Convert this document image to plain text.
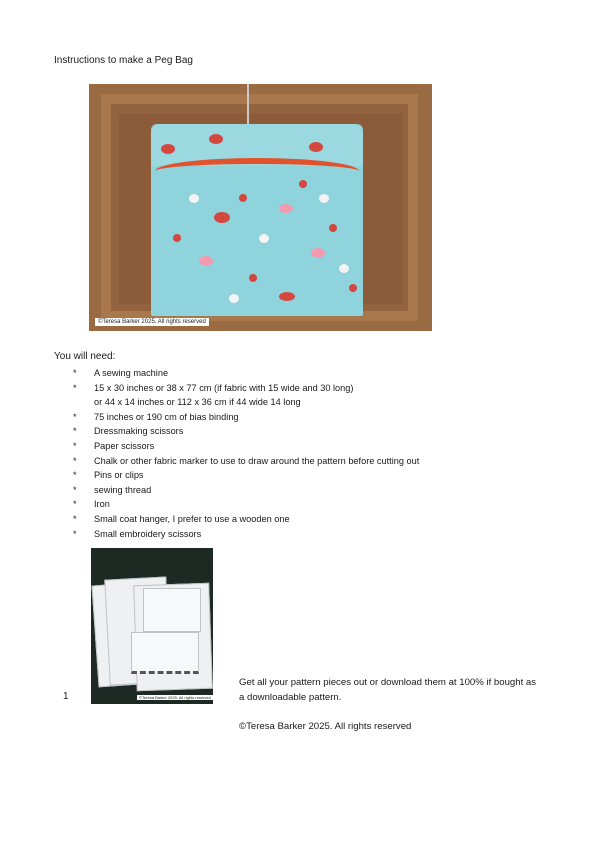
Instructions to make a Peg Bag
©Teresa Barker 2025. All rights reserved
You will need:
* A sewing machine
* 15 x 30 inches or 38 x 77 cm (if fabric with 15 wide and 30 long)
or 44 x 14 inches or 112 x 36 cm if 44 wide 14 long
* 75 inches or 190 cm of bias binding
* Dressmaking scissors
* Paper scissors
* Chalk or other fabric marker to use to draw around the pattern before cutting out
* Pins or clips
* sewing thread
* Iron
* Small coat hanger, I prefer to use a wooden one
* Small embroidery scissors
©Teresa Barker 2025. All rights reserved
1
Get all your pattern pieces out or download them at 100% if bought as a downloadable pattern.
©Teresa Barker 2025. All rights reserved
